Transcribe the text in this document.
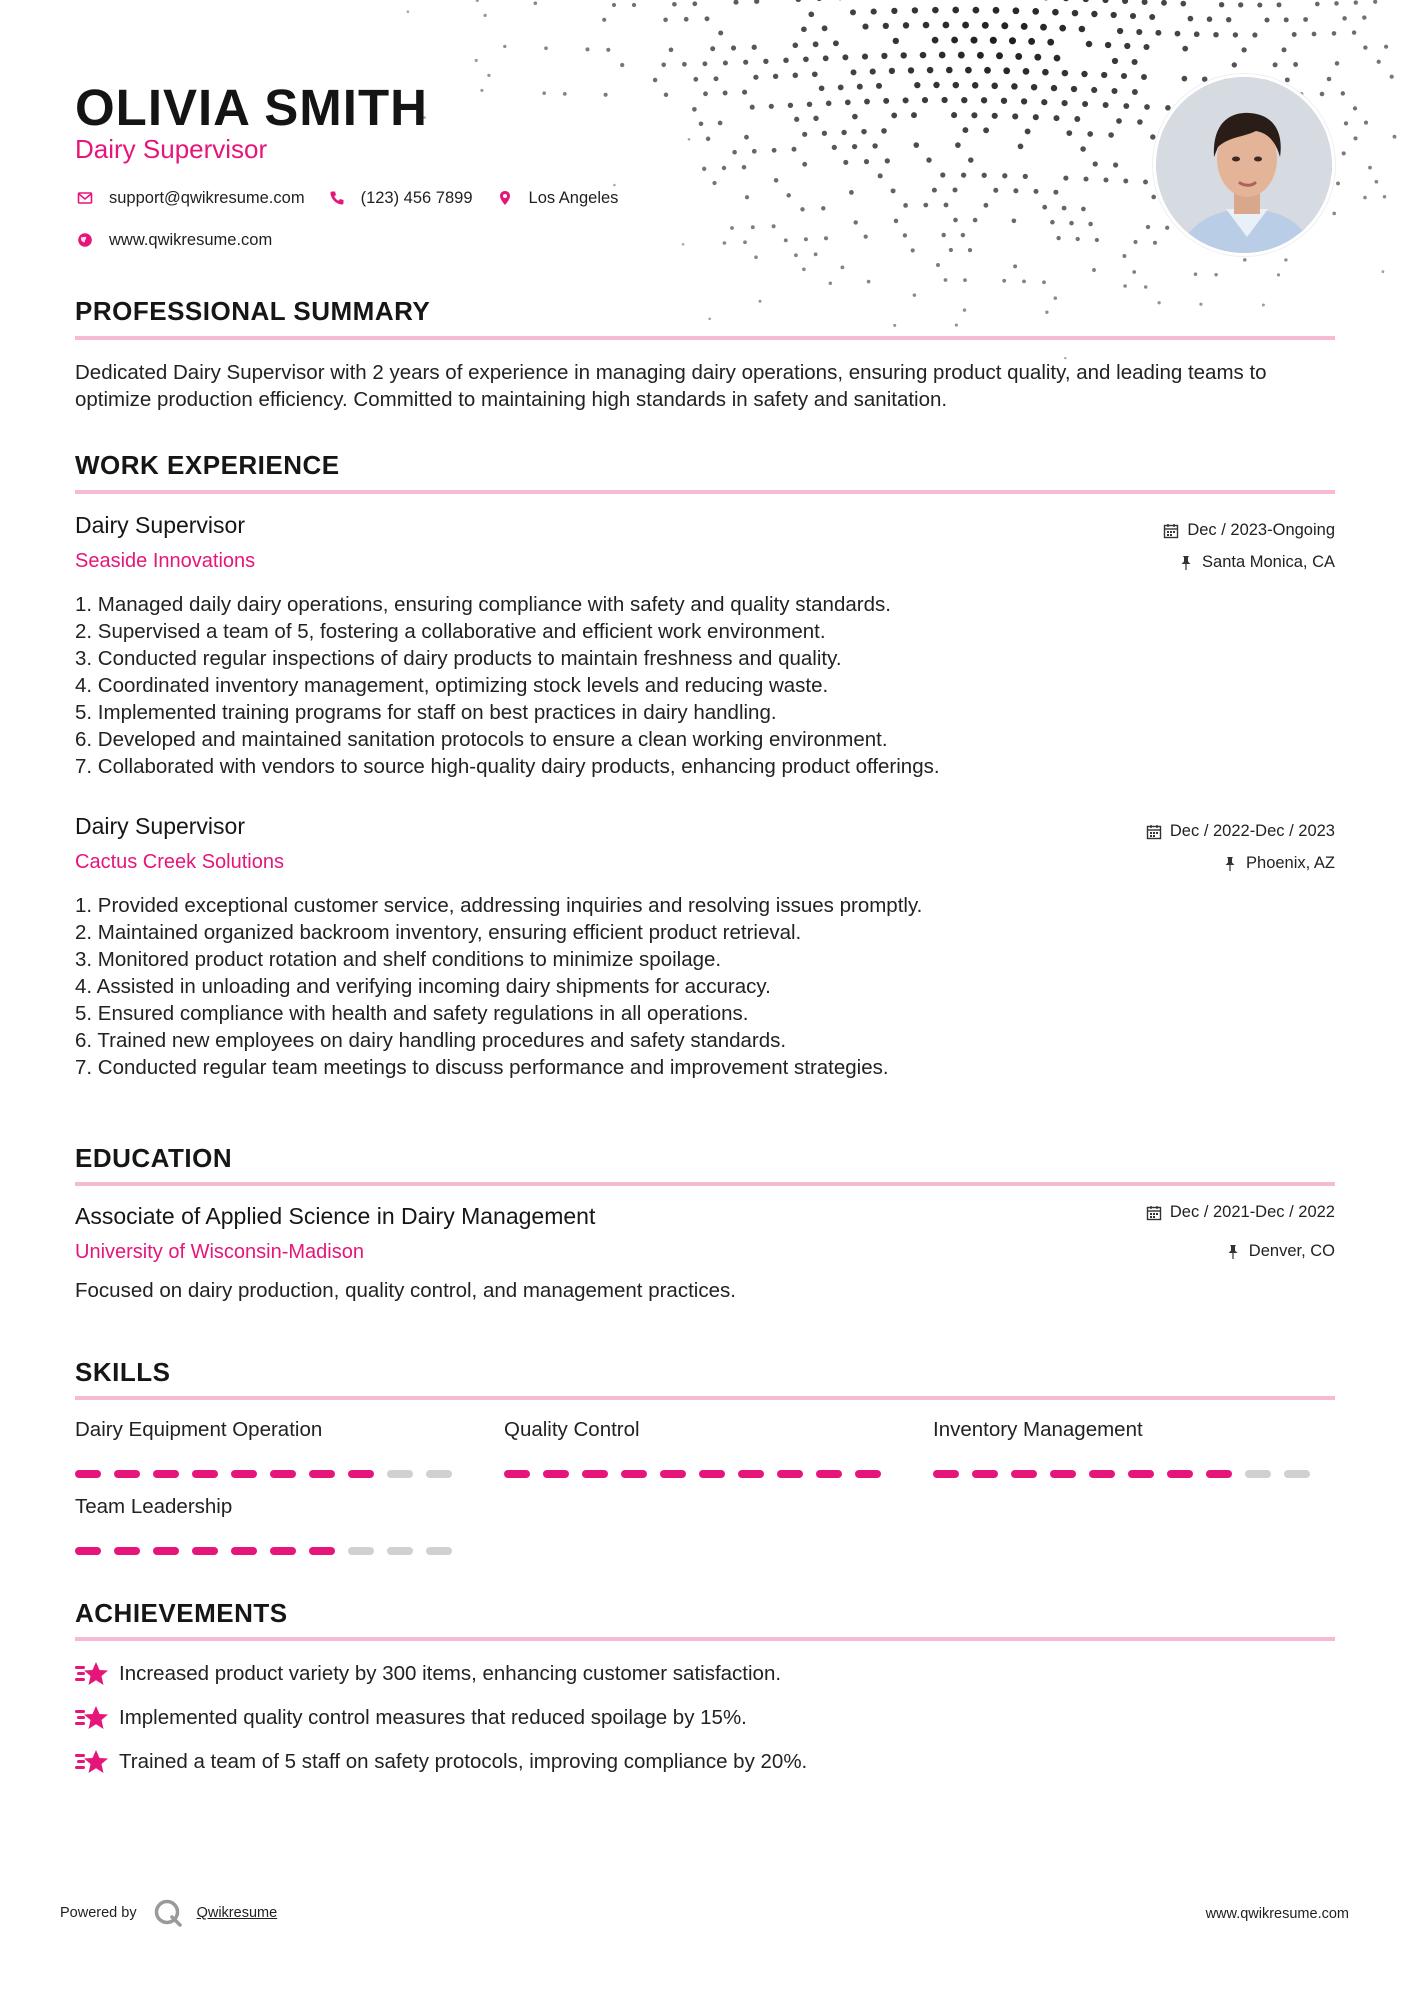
OLIVIA SMITH
Dairy Supervisor
support@qwikresume.com	(123) 456 7899	Los Angeles
www.qwikresume.com
PROFESSIONAL SUMMARY
Dedicated Dairy Supervisor with 2 years of experience in managing dairy operations, ensuring product quality, and leading teams to optimize production efficiency. Committed to maintaining high standards in safety and sanitation.
WORK EXPERIENCE
Dairy Supervisor
Seaside Innovations
Dec / 2023-Ongoing
Santa Monica, CA
1. Managed daily dairy operations, ensuring compliance with safety and quality standards.
2. Supervised a team of 5, fostering a collaborative and efficient work environment.
3. Conducted regular inspections of dairy products to maintain freshness and quality.
4. Coordinated inventory management, optimizing stock levels and reducing waste.
5. Implemented training programs for staff on best practices in dairy handling.
6. Developed and maintained sanitation protocols to ensure a clean working environment.
7. Collaborated with vendors to source high-quality dairy products, enhancing product offerings.
Dairy Supervisor
Cactus Creek Solutions
Dec / 2022-Dec / 2023
Phoenix, AZ
1. Provided exceptional customer service, addressing inquiries and resolving issues promptly.
2. Maintained organized backroom inventory, ensuring efficient product retrieval.
3. Monitored product rotation and shelf conditions to minimize spoilage.
4. Assisted in unloading and verifying incoming dairy shipments for accuracy.
5. Ensured compliance with health and safety regulations in all operations.
6. Trained new employees on dairy handling procedures and safety standards.
7. Conducted regular team meetings to discuss performance and improvement strategies.
EDUCATION
Associate of Applied Science in Dairy Management
University of Wisconsin-Madison
Dec / 2021-Dec / 2022
Denver, CO
Focused on dairy production, quality control, and management practices.
SKILLS
Dairy Equipment Operation	Quality Control	Inventory Management
Team Leadership
ACHIEVEMENTS
Increased product variety by 300 items, enhancing customer satisfaction.
Implemented quality control measures that reduced spoilage by 15%.
Trained a team of 5 staff on safety protocols, improving compliance by 20%.
Powered by	Qwikresume	www.qwikresume.com
